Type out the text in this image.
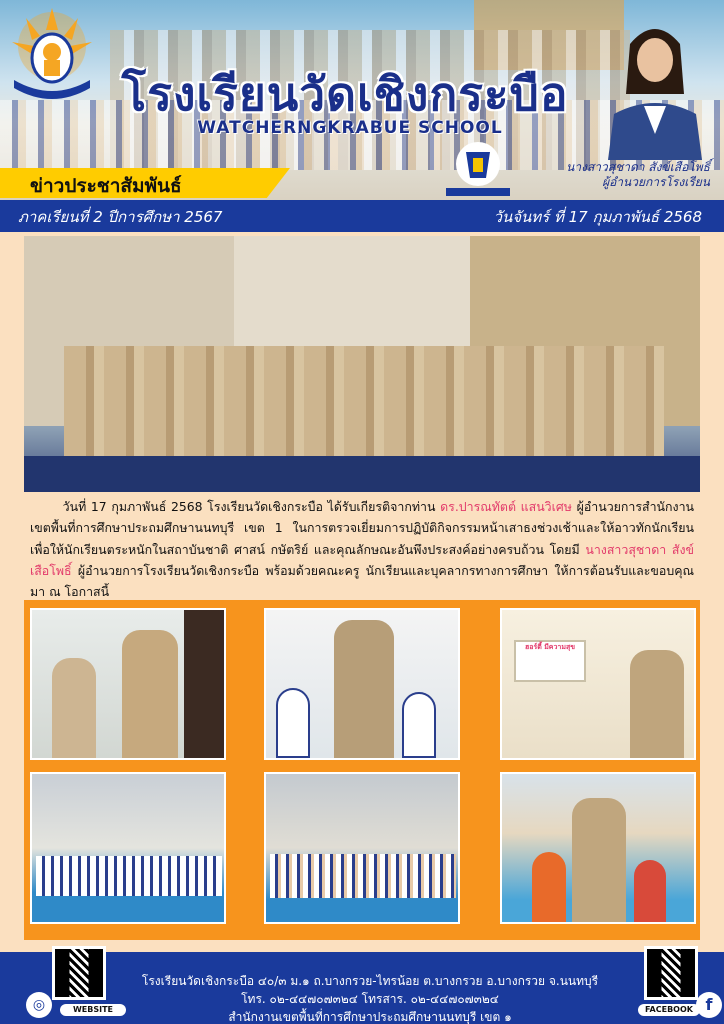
โรงเรียนวัดเชิงกระบือ
WATCHERNGKRABUE SCHOOL
นางสาวสุชาดา สังข์เสือโพธิ์
ผู้อำนวยการโรงเรียน
ข่าวประชาสัมพันธ์
ภาคเรียนที่ 2 ปีการศึกษา 2567	วันจันทร์ ที่ 17 กุมภาพันธ์ 2568
วันที่ 17 กุมภาพันธ์ 2568 โรงเรียนวัดเชิงกระบือ ได้รับเกียรติจากท่าน ดร.ปารณทัตต์ แสนวิเศษ ผู้อำนวยการสำนักงานเขตพื้นที่การศึกษาประถมศึกษานนทบุรี เขต 1 ในการตรวจเยี่ยมการปฏิบัติกิจกรรมหน้าเสาธงช่วงเช้าและให้อาวทักนักเรียน เพื่อให้นักเรียนตระหนักในสถาบันชาติ ศาสน์ กษัตริย์ และคุณลักษณะอันพึงประสงค์อย่างครบถ้วน โดยมี นางสาวสุชาดา สังข์เสือโพธิ์ ผู้อำนวยการโรงเรียนวัดเชิงกระบือ พร้อมด้วยคณะครู นักเรียนและบุคลากรทางการศึกษา ให้การต้อนรับและขอบคุณมา ณ โอกาสนี้
ฮอร์ตี้ มีความสุข
WEBSITE
◎
โรงเรียนวัดเชิงกระบือ ๔๐/๓ ม.๑ ถ.บางกรวย-ไทรน้อย ต.บางกรวย อ.บางกรวย จ.นนทบุรี
โทร. ๐๒-๔๔๗๐๗๓๒๔ โทรสาร. ๐๒-๔๔๗๐๗๓๒๔
สำนักงานเขตพื้นที่การศึกษาประถมศึกษานนทบุรี เขต ๑
FACEBOOK f
